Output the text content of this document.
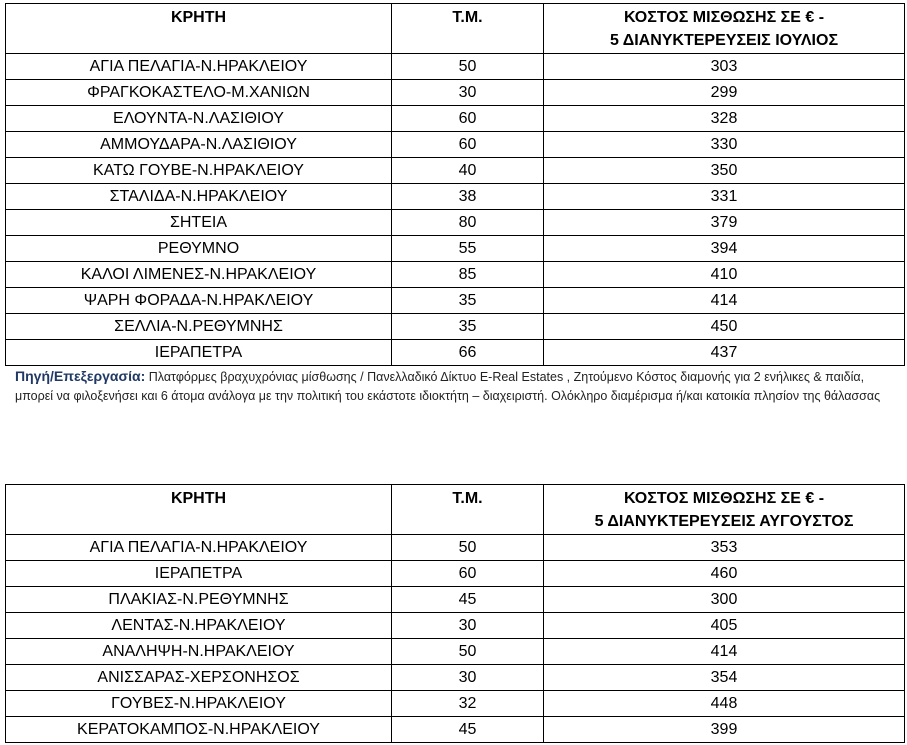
ΚΡΗΤΗ	Τ.Μ.	ΚΟΣΤΟΣ ΜΙΣΘΩΣΗΣ ΣΕ € -
5 ΔΙΑΝΥΚΤΕΡΕΥΣΕΙΣ ΙΟΥΛΙΟΣ

ΑΓΙΑ ΠΕΛΑΓΙΑ-Ν.ΗΡΑΚΛΕΙΟΥ	50	303
ΦΡΑΓΚΟΚΑΣΤΕΛΟ-Μ.ΧΑΝΙΩΝ	30	299
ΕΛΟΥΝΤΑ-Ν.ΛΑΣΙΘΙΟΥ	60	328
ΑΜΜΟΥΔΑΡΑ-Ν.ΛΑΣΙΘΙΟΥ	60	330
ΚΑΤΩ ΓΟΥΒΕ-Ν.ΗΡΑΚΛΕΙΟΥ	40	350
ΣΤΑΛΙΔΑ-Ν.ΗΡΑΚΛΕΙΟΥ	38	331
ΣΗΤΕΙΑ	80	379
ΡΕΘΥΜΝΟ	55	394
ΚΑΛΟΙ ΛΙΜΕΝΕΣ-Ν.ΗΡΑΚΛΕΙΟΥ	85	410
ΨΑΡΗ ΦΟΡΑΔΑ-Ν.ΗΡΑΚΛΕΙΟΥ	35	414
ΣΕΛΛΙΑ-Ν.ΡΕΘΥΜΝΗΣ	35	450
ΙΕΡΑΠΕΤΡΑ	66	437
Πηγή/Επεξεργασία: Πλατφόρμες βραχυχρόνιας μίσθωσης / Πανελλαδικό Δίκτυο E-Real Estates , Ζητούμενο Κόστος διαμονής για 2 ενήλικες & παιδία, μπορεί να φιλοξενήσει και 6 άτομα ανάλογα με την πολιτική του εκάστοτε ιδιοκτήτη – διαχειριστή. Ολόκληρο διαμέρισμα ή/και κατοικία πλησίον της θάλασσας
ΚΡΗΤΗ	Τ.Μ.	ΚΟΣΤΟΣ ΜΙΣΘΩΣΗΣ ΣΕ € -
5 ΔΙΑΝΥΚΤΕΡΕΥΣΕΙΣ ΑΥΓΟΥΣΤΟΣ

ΑΓΙΑ ΠΕΛΑΓΙΑ-Ν.ΗΡΑΚΛΕΙΟΥ	50	353
ΙΕΡΑΠΕΤΡΑ	60	460
ΠΛΑΚΙΑΣ-Ν.ΡΕΘΥΜΝΗΣ	45	300
ΛΕΝΤΑΣ-Ν.ΗΡΑΚΛΕΙΟΥ	30	405
ΑΝΑΛΗΨΗ-Ν.ΗΡΑΚΛΕΙΟΥ	50	414
ΑΝΙΣΣΑΡΑΣ-ΧΕΡΣΟΝΗΣΟΣ	30	354
ΓΟΥΒΕΣ-Ν.ΗΡΑΚΛΕΙΟΥ	32	448
ΚΕΡΑΤΟΚΑΜΠΟΣ-Ν.ΗΡΑΚΛΕΙΟΥ	45	399
